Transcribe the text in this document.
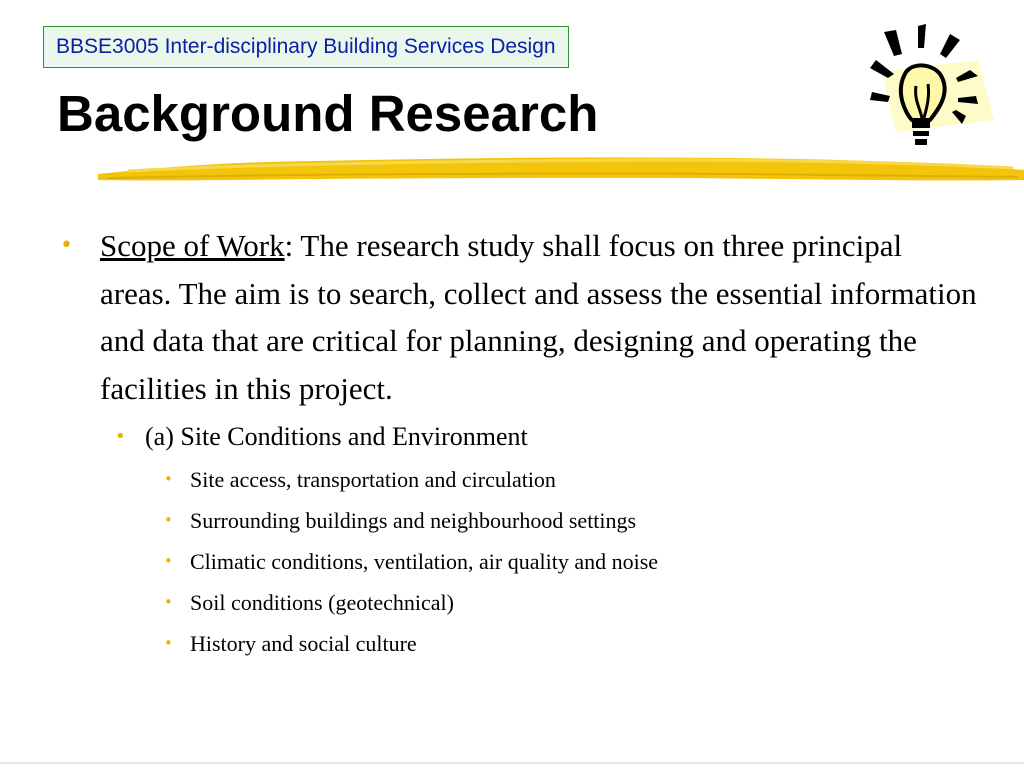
BBSE3005 Inter-disciplinary Building Services Design
Background Research
• Scope of Work: The research study shall focus on three principal areas. The aim is to search, collect and assess the essential information and data that are critical for planning, designing and operating the facilities in this project.
• (a) Site Conditions and Environment
• Site access, transportation and circulation
• Surrounding buildings and neighbourhood settings
• Climatic conditions, ventilation, air quality and noise
• Soil conditions (geotechnical)
• History and social culture
